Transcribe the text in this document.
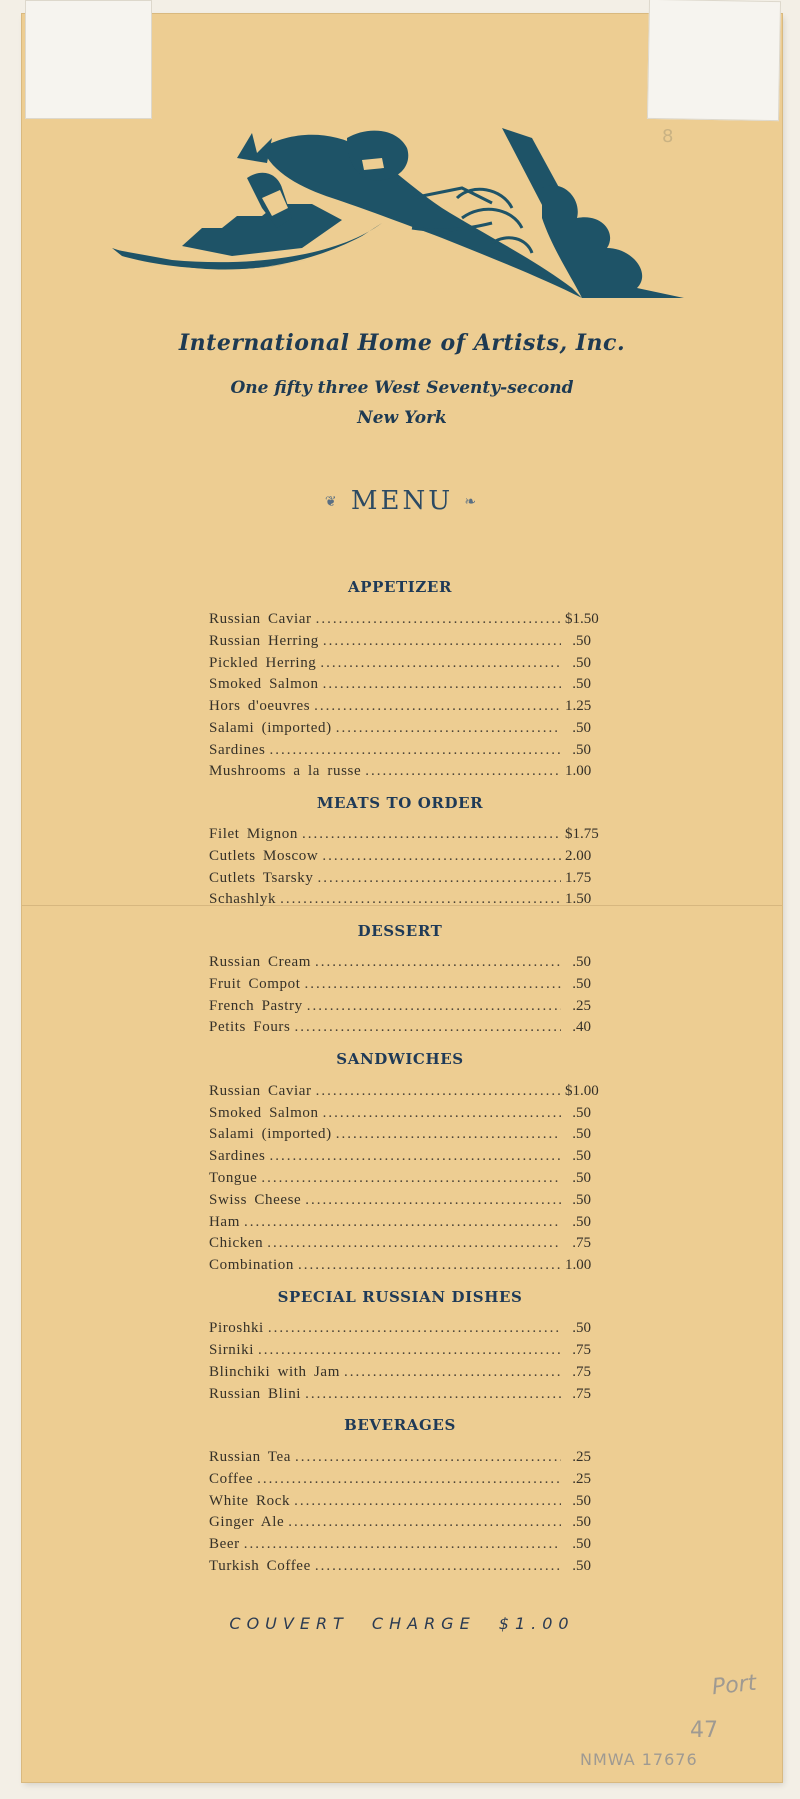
International Home of Artists, Inc.
One fifty three West Seventy-second
New York
❦ MENU ❧
APPETIZER
Russian Caviar .....	$1.50
Russian Herring .....	.50
Pickled Herring .....	.50
Smoked Salmon .....	.50
Hors d'oeuvres .....	1.25
Salami (imported) .....	.50
Sardines .....	.50
Mushrooms a la russe .....	1.00
MEATS TO ORDER
Filet Mignon .....	$1.75
Cutlets Moscow .....	2.00
Cutlets Tsarsky .....	1.75
Schashlyk .....	1.50
DESSERT
Russian Cream .....	.50
Fruit Compot .....	.50
French Pastry .....	.25
Petits Fours .....	.40
SANDWICHES
Russian Caviar .....	$1.00
Smoked Salmon .....	.50
Salami (imported) .....	.50
Sardines .....	.50
Tongue .....	.50
Swiss Cheese .....	.50
Ham .....	.50
Chicken .....	.75
Combination .....	1.00
SPECIAL RUSSIAN DISHES
Piroshki .....	.50
Sirniki .....	.75
Blinchiki with Jam .....	.75
Russian Blini .....	.75
BEVERAGES
Russian Tea .....	.25
Coffee .....	.25
White Rock .....	.50
Ginger Ale .....	.50
Beer .....	.50
Turkish Coffee .....	.50
COUVERT CHARGE $1.00
8
Port
47
NMWA 17676
